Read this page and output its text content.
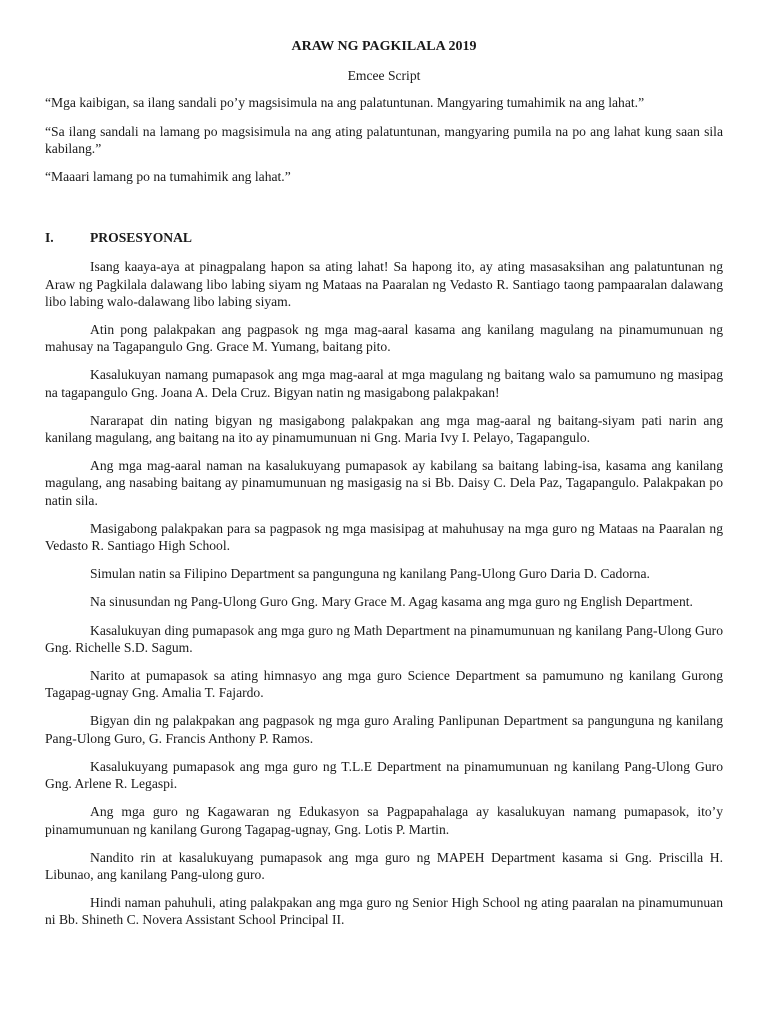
ARAW NG PAGKILALA 2019
Emcee Script
“Mga kaibigan, sa ilang sandali po’y magsisimula na ang palatuntunan. Mangyaring tumahimik na ang lahat.”
“Sa ilang sandali na lamang po magsisimula na ang ating palatuntunan, mangyaring pumila na po ang lahat kung saan sila kabilang.”
“Maaari lamang po na tumahimik ang lahat.”
I.	PROSESYONAL

Isang kaaya-aya at pinagpalang hapon sa ating lahat! Sa hapong ito, ay ating masasaksihan ang palatuntunan ng Araw ng Pagkilala dalawang libo labing siyam ng Mataas na Paaralan ng Vedasto R. Santiago taong pampaaralan dalawang libo labing walo-dalawang libo labing siyam.

Atin pong palakpakan ang pagpasok ng mga mag-aaral kasama ang kanilang magulang na pinamumunuan ng mahusay na Tagapangulo Gng. Grace M. Yumang, baitang pito.

Kasalukuyan namang pumapasok ang mga mag-aaral at mga magulang ng baitang walo sa pamumuno ng masipag na tagapangulo Gng. Joana A. Dela Cruz. Bigyan natin ng masigabong palakpakan!

Nararapat din nating bigyan ng masigabong palakpakan ang mga mag-aaral ng baitang-siyam pati narin ang kanilang magulang, ang baitang na ito ay pinamumunuan ni Gng. Maria Ivy I. Pelayo, Tagapangulo.

Ang mga mag-aaral naman na kasalukuyang pumapasok ay kabilang sa baitang labing-isa, kasama ang kanilang magulang, ang nasabing baitang ay pinamumunuan ng masigasig na si Bb. Daisy C. Dela Paz, Tagapangulo. Palakpakan po natin sila.

Masigabong palakpakan para sa pagpasok ng mga masisipag at mahuhusay na mga guro ng Mataas na Paaralan ng Vedasto R. Santiago High School.

Simulan natin sa Filipino Department sa pangunguna ng kanilang Pang-Ulong Guro Daria D. Cadorna.

Na sinusundan ng Pang-Ulong Guro Gng. Mary Grace M. Agag kasama ang mga guro ng English Department.

Kasalukuyan ding pumapasok ang mga guro ng Math Department na pinamumunuan ng kanilang Pang-Ulong Guro Gng. Richelle S.D. Sagum.

Narito at pumapasok sa ating himnasyo ang mga guro Science Department sa pamumuno ng kanilang Gurong Tagapag-ugnay Gng. Amalia T. Fajardo.

Bigyan din ng palakpakan ang pagpasok ng mga guro Araling Panlipunan Department sa pangunguna ng kanilang Pang-Ulong Guro, G. Francis Anthony P. Ramos.

Kasalukuyang pumapasok ang mga guro ng T.L.E Department na pinamumunuan ng kanilang Pang-Ulong Guro Gng. Arlene R. Legaspi.

Ang mga guro ng Kagawaran ng Edukasyon sa Pagpapahalaga ay kasalukuyan namang pumapasok, ito’y pinamumunuan ng kanilang Gurong Tagapag-ugnay, Gng. Lotis P. Martin.

Nandito rin at kasalukuyang pumapasok ang mga guro ng MAPEH Department kasama si Gng. Priscilla H. Libunao, ang kanilang Pang-ulong guro.

Hindi naman pahuhuli, ating palakpakan ang mga guro ng Senior High School ng ating paaralan na pinamumunuan ni Bb. Shineth C. Novera Assistant School Principal II.
